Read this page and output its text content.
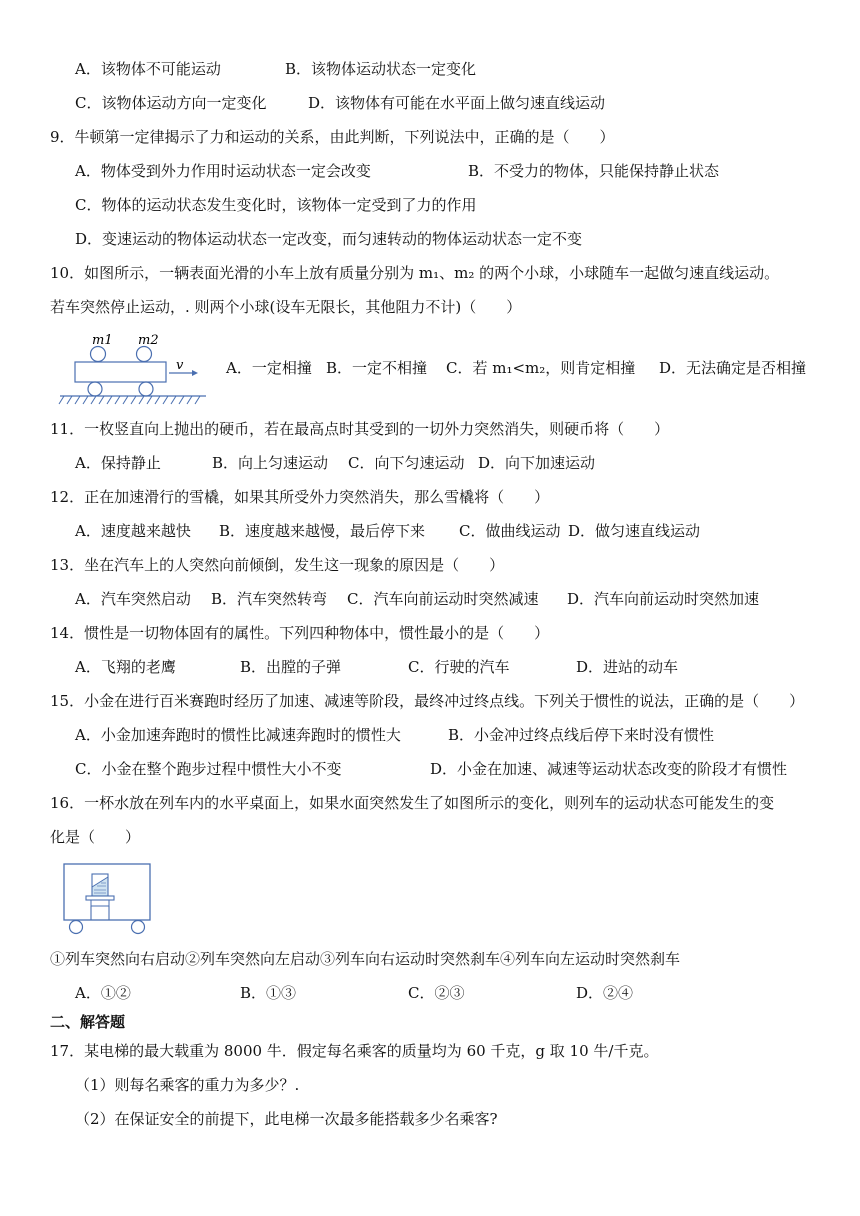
A．该物体不可能运动	B．该物体运动状态一定变化
C．该物体运动方向一定变化	D．该物体有可能在水平面上做匀速直线运动
9．牛顿第一定律揭示了力和运动的关系，由此判断，下列说法中，正确的是（　　）
A．物体受到外力作用时运动状态一定会改变	B．不受力的物体，只能保持静止状态
C．物体的运动状态发生变化时，该物体一定受到了力的作用
D．变速运动的物体运动状态一定改变，而匀速转动的物体运动状态一定不变
10．如图所示，一辆表面光滑的小车上放有质量分别为 m₁、m₂ 的两个小球，小球随车一起做匀速直线运动。
若车突然停止运动，. 则两个小球(设车无限长，其他阻力不计)（　　）
m1 m2
v	A．一定相撞 B．一定不相撞 C．若 m₁<m₂，则肯定相撞 D．无法确定是否相撞
11．一枚竖直向上抛出的硬币，若在最高点时其受到的一切外力突然消失，则硬币将（　　）
A．保持静止	B．向上匀速运动 C．向下匀速运动 D．向下加速运动
12．正在加速滑行的雪橇，如果其所受外力突然消失，那么雪橇将（　　）
A．速度越来越快 B．速度越来越慢，最后停下来 C．做曲线运动 D．做匀速直线运动
13．坐在汽车上的人突然向前倾倒，发生这一现象的原因是（　　）
A．汽车突然启动 B．汽车突然转弯 C．汽车向前运动时突然减速 D．汽车向前运动时突然加速
14．惯性是一切物体固有的属性。下列四种物体中，惯性最小的是（　　）
A．飞翔的老鹰	B．出膛的子弹	C．行驶的汽车	D．进站的动车
15．小金在进行百米赛跑时经历了加速、减速等阶段，最终冲过终点线。下列关于惯性的说法，正确的是（　　）
A．小金加速奔跑时的惯性比减速奔跑时的惯性大	B．小金冲过终点线后停下来时没有惯性
C．小金在整个跑步过程中惯性大小不变	D．小金在加速、减速等运动状态改变的阶段才有惯性
16．一杯水放在列车内的水平桌面上，如果水面突然发生了如图所示的变化，则列车的运动状态可能发生的变
化是（　　）
①列车突然向右启动②列车突然向左启动③列车向右运动时突然刹车④列车向左运动时突然刹车
A．①②	B．①③	C．②③	D．②④
二、解答题
17．某电梯的最大载重为 8000 牛．假定每名乘客的质量均为 60 千克，g 取 10 牛/千克。
（1）则每名乘客的重力为多少？.
（2）在保证安全的前提下，此电梯一次最多能搭载多少名乘客?
